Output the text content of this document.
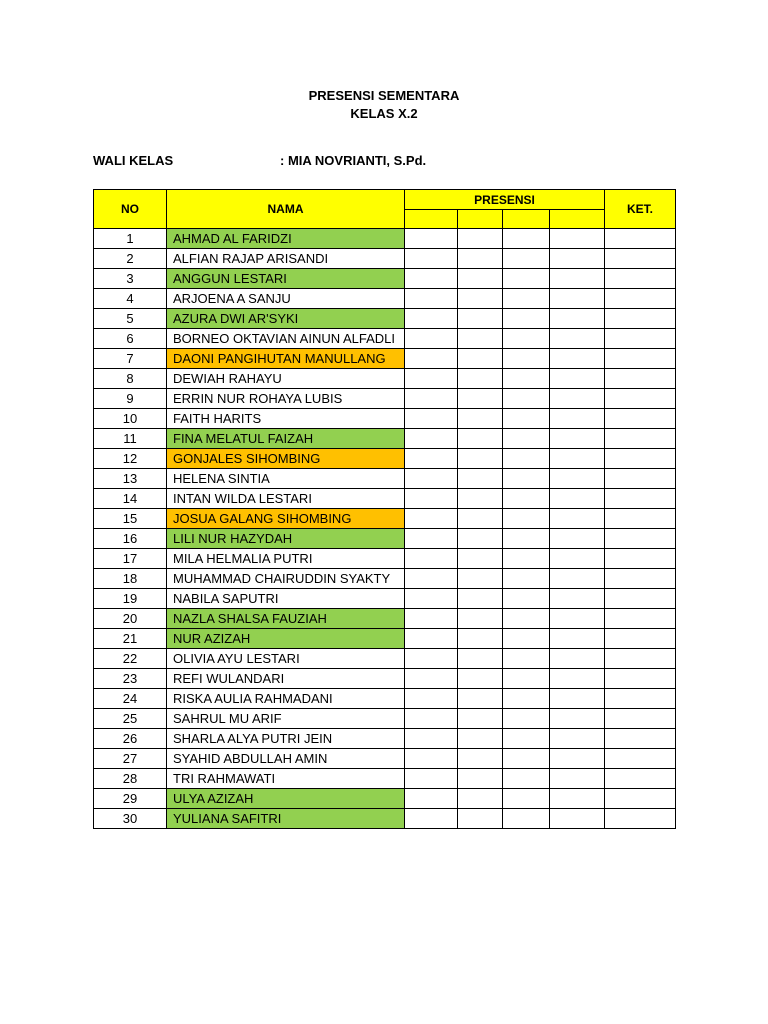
PRESENSI SEMENTARA
KELAS X.2
WALI KELAS	: MIA NOVRIANTI, S.Pd.
NO	NAMA	PRESENSI				KET.

1	AHMAD AL FARIDZI					
2	ALFIAN RAJAP ARISANDI					
3	ANGGUN LESTARI					
4	ARJOENA A SANJU					
5	AZURA DWI AR'SYKI					
6	BORNEO OKTAVIAN AINUN ALFADLI					
7	DAONI PANGIHUTAN MANULLANG					
8	DEWIAH RAHAYU					
9	ERRIN NUR ROHAYA LUBIS					
10	FAITH HARITS					
11	FINA MELATUL FAIZAH					
12	GONJALES SIHOMBING					
13	HELENA SINTIA					
14	INTAN WILDA LESTARI					
15	JOSUA GALANG SIHOMBING					
16	LILI NUR HAZYDAH					
17	MILA HELMALIA PUTRI					
18	MUHAMMAD CHAIRUDDIN SYAKTY					
19	NABILA SAPUTRI					
20	NAZLA SHALSA FAUZIAH					
21	NUR AZIZAH					
22	OLIVIA AYU LESTARI					
23	REFI WULANDARI					
24	RISKA AULIA RAHMADANI					
25	SAHRUL MU ARIF					
26	SHARLA ALYA PUTRI JEIN					
27	SYAHID ABDULLAH AMIN					
28	TRI RAHMAWATI					
29	ULYA AZIZAH					
30	YULIANA SAFITRI					
